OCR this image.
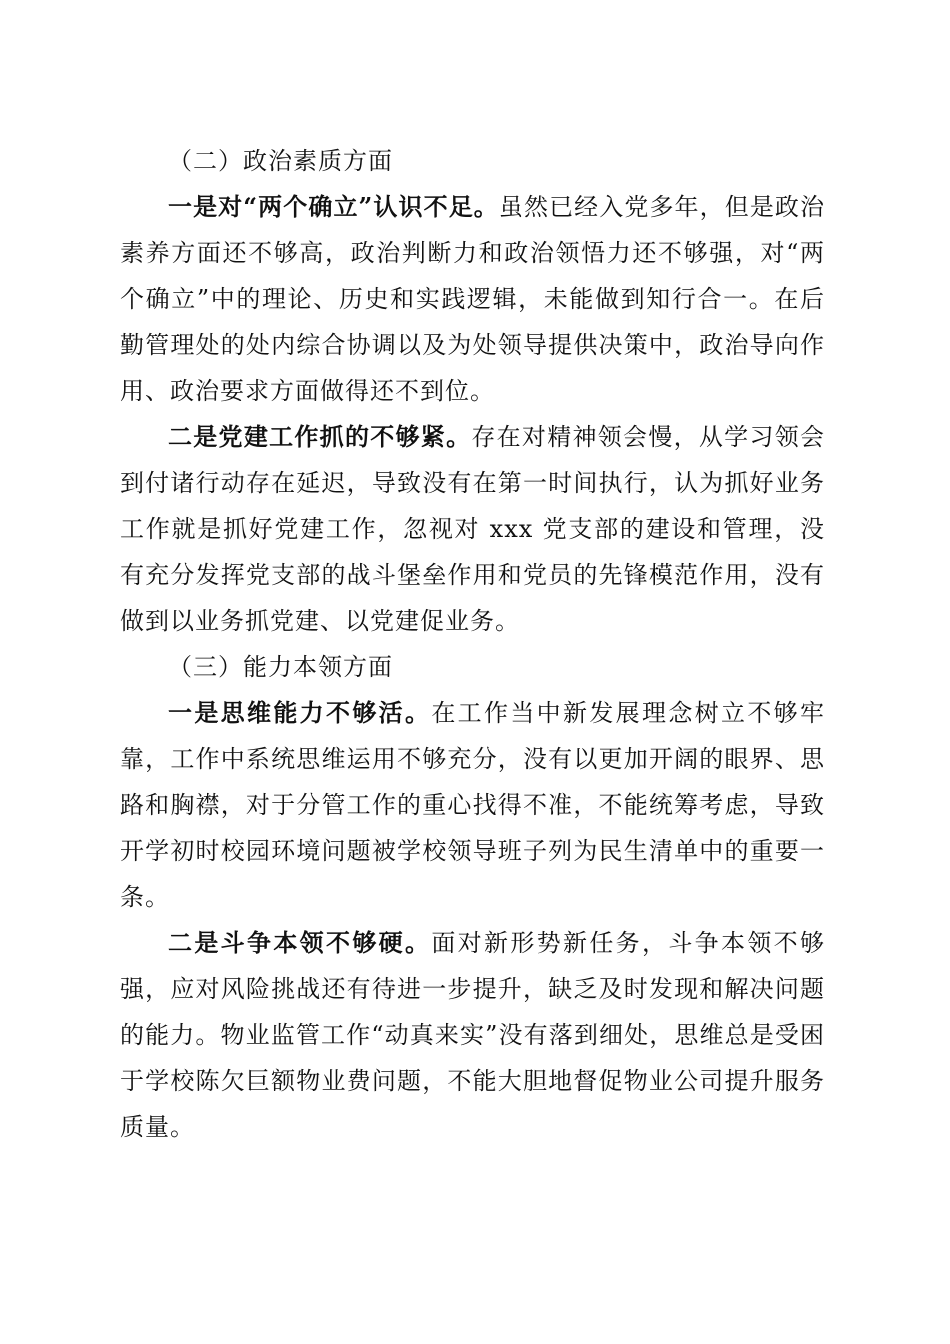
（二）政治素质方面

一是对“两个确立”认识不足。虽然已经入党多年，但是政治素养方面还不够高，政治判断力和政治领悟力还不够强，对“两个确立”中的理论、历史和实践逻辑，未能做到知行合一。在后勤管理处的处内综合协调以及为处领导提供决策中，政治导向作用、政治要求方面做得还不到位。

二是党建工作抓的不够紧。存在对精神领会慢，从学习领会到付诸行动存在延迟，导致没有在第一时间执行，认为抓好业务工作就是抓好党建工作，忽视对 xxx 党支部的建设和管理，没有充分发挥党支部的战斗堡垒作用和党员的先锋模范作用，没有做到以业务抓党建、以党建促业务。

（三）能力本领方面

一是思维能力不够活。在工作当中新发展理念树立不够牢靠，工作中系统思维运用不够充分，没有以更加开阔的眼界、思路和胸襟，对于分管工作的重心找得不准，不能统筹考虑，导致开学初时校园环境问题被学校领导班子列为民生清单中的重要一条。

二是斗争本领不够硬。面对新形势新任务，斗争本领不够强，应对风险挑战还有待进一步提升，缺乏及时发现和解决问题的能力。物业监管工作“动真来实”没有落到细处，思维总是受困于学校陈欠巨额物业费问题，不能大胆地督促物业公司提升服务质量。
